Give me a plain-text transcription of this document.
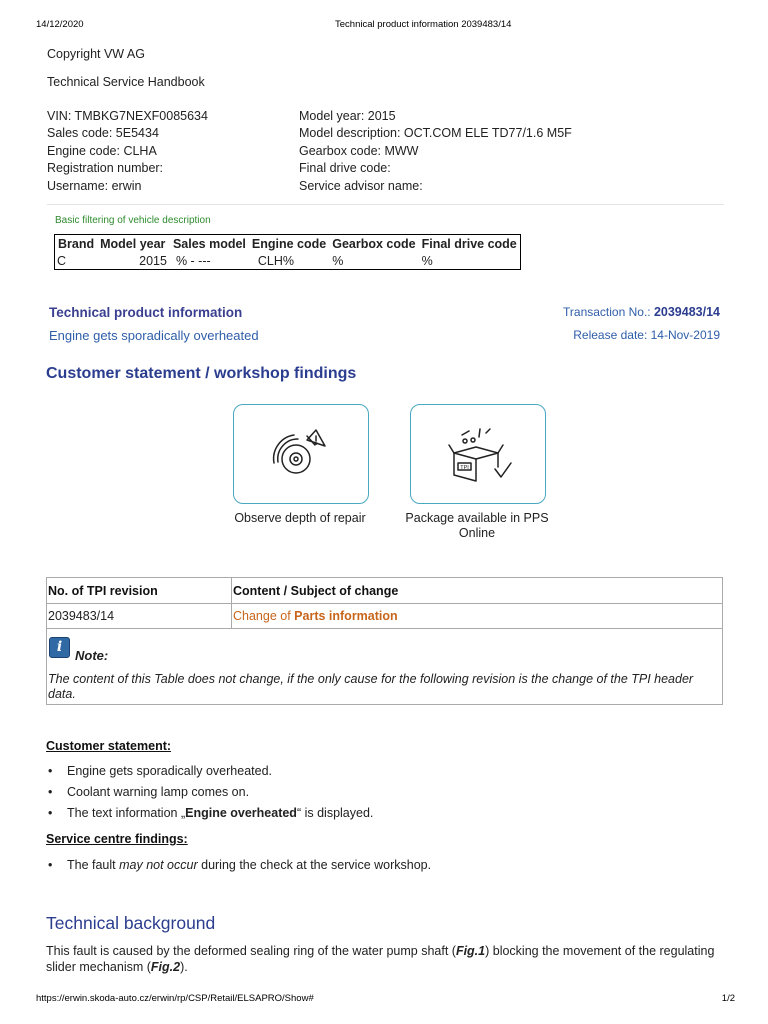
14/12/2020	Technical product information 2039483/14
Copyright VW AG
Technical Service Handbook
VIN: TMBKG7NEXF0085634
Sales code: 5E5434
Engine code: CLHA
Registration number:
Username: erwin
Model year: 2015
Model description: OCT.COM ELE TD77/1.6 M5F
Gearbox code: MWW
Final drive code:
Service advisor name:
Basic filtering of vehicle description
Brand	Model year	Sales model	Engine code	Gearbox code	Final drive code
C	2015	% - ---	CLH%	%	%
Technical product information
Engine gets sporadically overheated
Transaction No.: 2039483/14
Release date: 14-Nov-2019
Customer statement / workshop findings
Observe depth of repair
TPI
Package available in PPS Online
No. of TPI revision	Content / Subject of change
2039483/14	Change of Parts information
i
Note:
The content of this Table does not change, if the only cause for the following revision is the change of the TPI header data.
Customer statement:
• Engine gets sporadically overheated.
• Coolant warning lamp comes on.
• The text information „Engine overheated“ is displayed.
Service centre findings:
• The fault may not occur during the check at the service workshop.
Technical background
This fault is caused by the deformed sealing ring of the water pump shaft (Fig.1) blocking the movement of the regulating slider mechanism (Fig.2).
https://erwin.skoda-auto.cz/erwin/rp/CSP/Retail/ELSAPRO/Show#	1/2
